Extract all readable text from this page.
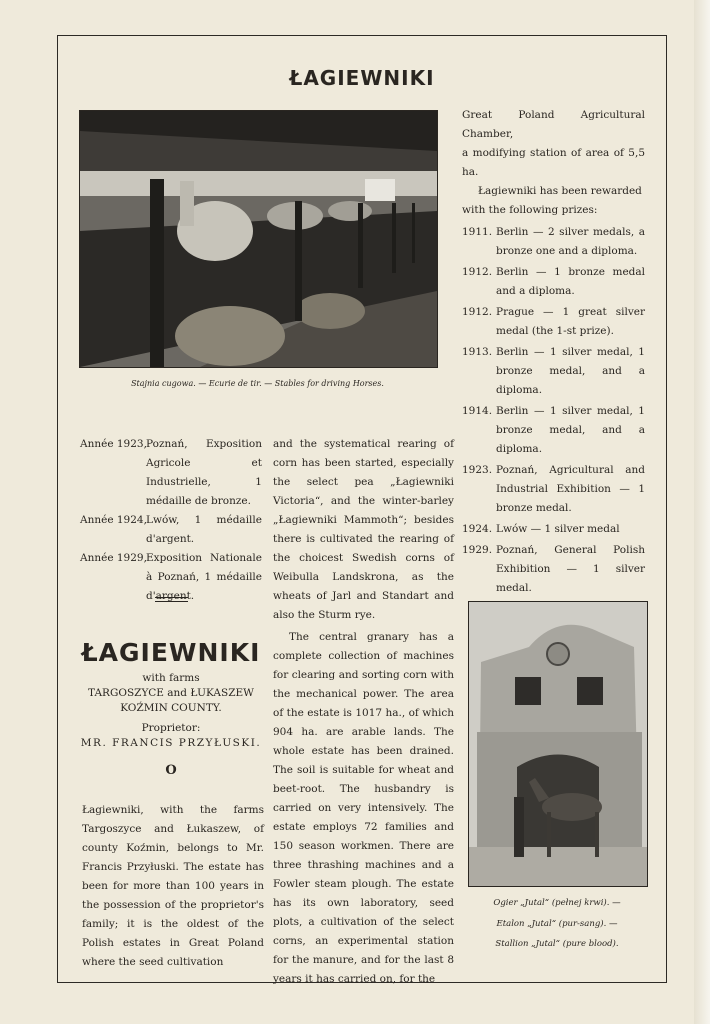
ŁAGIEWNIKI
Stajnia cugowa. — Ecurie de tir. — Stables for driving Horses.
Great Poland Agricultural Chamber,
a modifying station of area of 5,5 ha.
Łagiewniki has been rewarded
with the following prizes:
1911. Berlin — 2 silver medals, a bronze one and a diploma.
1912. Berlin — 1 bronze medal and a diploma.
1912. Prague — 1 great silver medal (the 1-st prize).
1913. Berlin — 1 silver medal, 1 bronze medal, and a diploma.
1914. Berlin — 1 silver medal, 1 bronze medal, and a diploma.
1923. Poznań, Agricultural and Industrial Exhibition — 1 bronze medal.
1924. Lwów — 1 silver medal
1929. Poznań, General Polish Exhibition — 1 silver medal.
Année 1923, Poznań, Exposition Agricole et Industrielle, 1 médaille de bronze.
Année 1924, Lwów, 1 médaille d'argent.
Année 1929, Exposition Nationale à Poznań, 1 médaille d'argent.
ŁAGIEWNIKI
with farms
TARGOSZYCE and ŁUKASZEW
KOŹMIN COUNTY.
Proprietor:
MR. FRANCIS PRZYŁUSKI.
O
Łagiewniki, with the farms Targoszyce and Łukaszew, of county Koźmin, belongs to Mr. Francis Przyłuski. The estate has been for more than 100 years in the possession of the proprietor's family; it is the oldest of the Polish estates in Great Poland where the seed cultivation
and the systematical rearing of corn has been started, especially the select pea „Łagiewniki Victoria“, and the winter-barley „Łagiewniki Mammoth“; besides there is cultivated the rearing of the choicest Swedish corns of Weibulla Landskrona, as the wheats of Jarl and Standart and also the Sturm rye.
The central granary has a complete collection of machines for clearing and sorting corn with the mechanical power. The area of the estate is 1017 ha., of which 904 ha. are arable lands. The whole estate has been drained. The soil is suitable for wheat and beet-root. The husbandry is carried on very intensively. The estate employs 72 families and 150 season workmen. There are three thrashing machines and a Fowler steam plough. The estate has its own laboratory, seed plots, a cultivation of the select corns, an experimental station for the manure, and for the last 8 years it has carried on, for the
Ogier „Jutal“ (pełnej krwi). —
Etalon „Jutal“ (pur-sang). —
Stallion „Jutal“ (pure blood).
